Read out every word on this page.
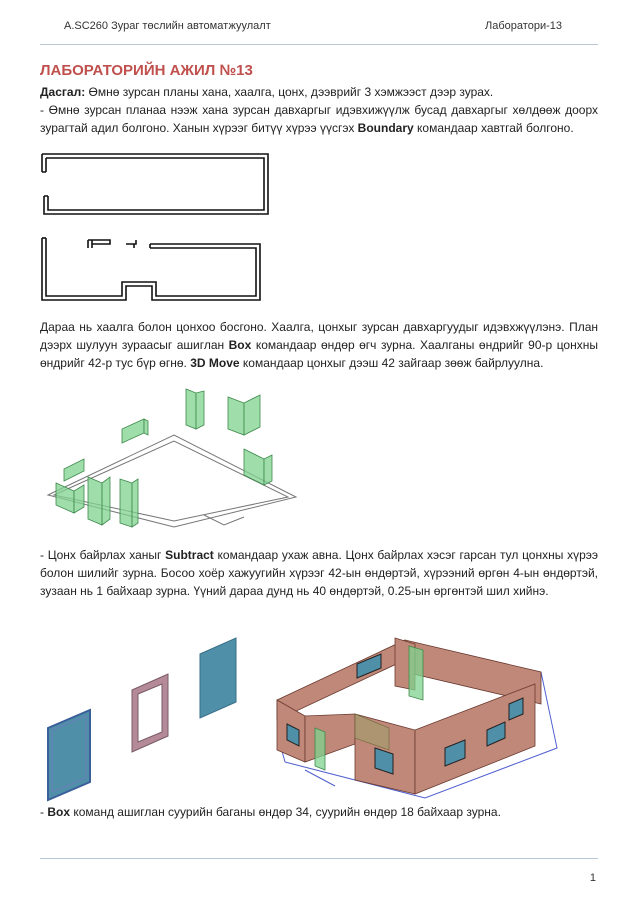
A.SC260 Зураг төслийн автоматжуулалт	Лаборатори-13
ЛАБОРАТОРИЙН АЖИЛ №13

Дасгал: Өмнө зурсан планы хана, хаалга, цонх, дээврийг 3 хэмжээст дээр зурах.
- Өмнө зурсан планаа нээж хана зурсан давхаргыг идэвхижүүлж бусад давхаргыг хөлдөөж доорх зурагтай адил болгоно. Ханын хүрээг битүү хүрээ үүсгэх Boundary командаар хавтгай болгоно.

Дараа нь хаалга болон цонхоо босгоно. Хаалга, цонхыг зурсан давхаргуудыг идэвхжүүлэнэ. План дээрх шулуун зураасыг ашиглан Box командаар өндөр өгч зурна. Хаалганы өндрийг 90-р цонхны өндрийг 42-р тус бүр өгнө. 3D Move командаар цонхыг дээш 42 зайгаар зөөж байрлуулна.

- Цонх байрлах ханыг Subtract командаар ухаж авна. Цонх байрлах хэсэг гарсан тул цонхны хүрээ болон шилийг зурна. Босоо хоёр хажуугийн хүрээг 42-ын өндөртэй, хүрээний өргөн 4-ын өндөртэй, зузаан нь 1 байхаар зурна. Үүний дараа дунд нь 40 өндөртэй, 0.25-ын өргөнтэй шил хийнэ.

- Box команд ашиглан суурийн баганы өндөр 34, суурийн өндөр 18 байхаар зурна.

1
